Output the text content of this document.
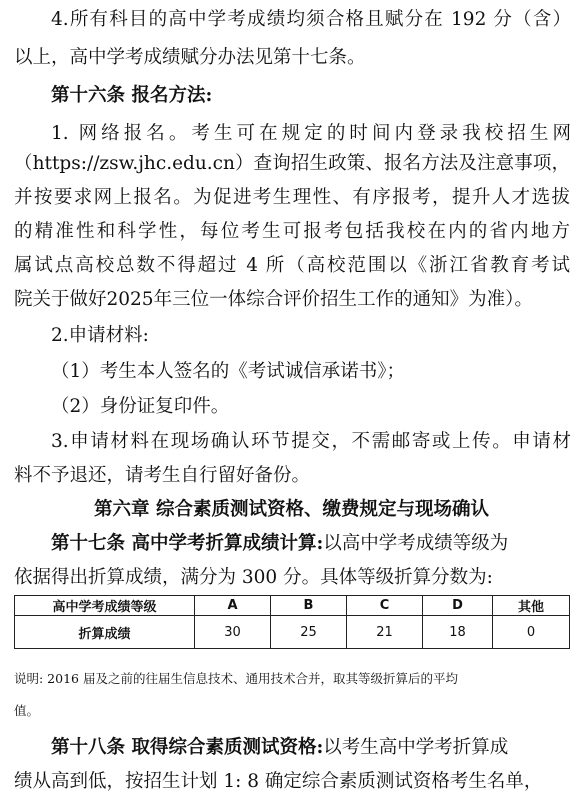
4.所有科目的高中学考成绩均须合格且赋分在 192 分（含）
以上，高中学考成绩赋分办法见第十七条。
第十六条 报名方法:
1. 网络报名。考生可在规定的时间内登录我校招生网
（https://zsw.jhc.edu.cn）查询招生政策、报名方法及注意事项，
并按要求网上报名。为促进考生理性、有序报考，提升人才选拔
的精准性和科学性，每位考生可报考包括我校在内的省内地方
属试点高校总数不得超过 4 所（高校范围以《浙江省教育考试
院关于做好2025年三位一体综合评价招生工作的通知》为准）。
2.申请材料:
（1）考生本人签名的《考试诚信承诺书》；
（2）身份证复印件。
3.申请材料在现场确认环节提交，不需邮寄或上传。申请材
料不予退还，请考生自行留好备份。
第六章 综合素质测试资格、缴费规定与现场确认
第十七条 高中学考折算成绩计算:以高中学考成绩等级为
依据得出折算成绩，满分为 300 分。具体等级折算分数为:
高中学考成绩等级	A	B	C	D	其他
折算成绩	30	25	21	18	0
说明: 2016 届及之前的往届生信息技术、通用技术合并，取其等级折算后的平均
值。
第十八条 取得综合素质测试资格:以考生高中学考折算成
绩从高到低，按招生计划 1: 8 确定综合素质测试资格考生名单，
